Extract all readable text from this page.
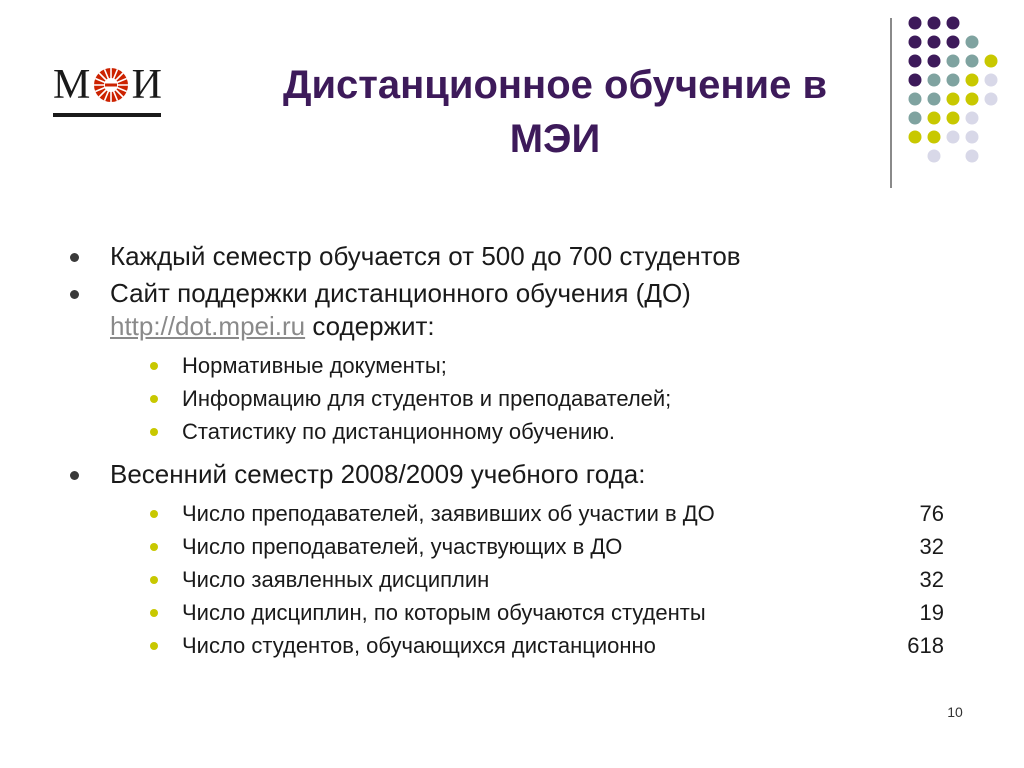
М И	Дистанционное обучение в
МЭИ
Каждый семестр обучается от 500 до 700 студентов
Сайт поддержки дистанционного обучения (ДО)
http://dot.mpei.ru содержит:
Нормативные документы;
Информацию для студентов и преподавателей;
Статистику по дистанционному обучению.
Весенний семестр 2008/2009 учебного года:
Число преподавателей, заявивших об участии в ДО	76
Число преподавателей, участвующих в ДО	32
Число заявленных дисциплин	32
Число дисциплин, по которым обучаются студенты	19
Число студентов, обучающихся дистанционно	618
10
